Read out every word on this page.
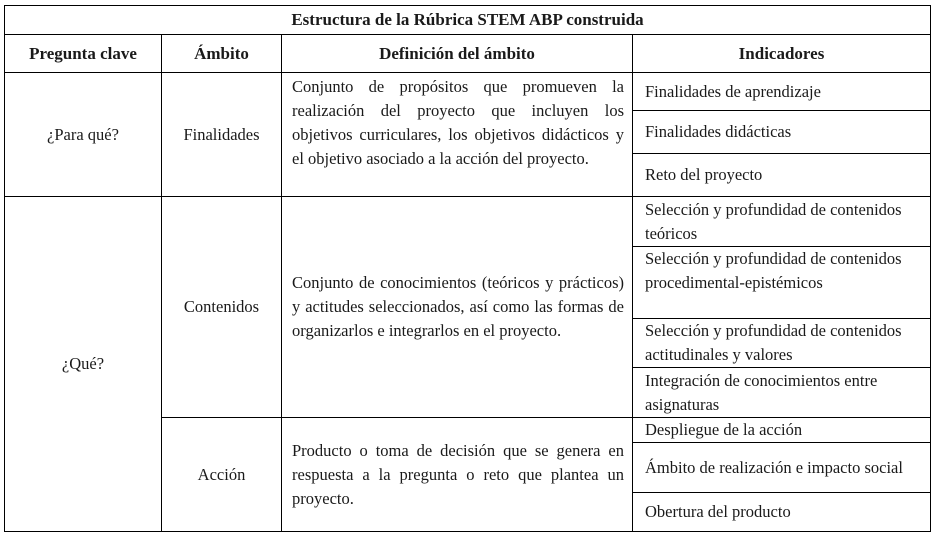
Estructura de la Rúbrica STEM ABP construida			
Pregunta clave	Ámbito	Definición del ámbito	Indicadores
¿Para qué?	Finalidades	Conjunto de propósitos que promueven la realización del proyecto que incluyen los objetivos curriculares, los objetivos didácticos y el objetivo asociado a la acción del proyecto.	Finalidades de aprendizaje
			Finalidades didácticas
			Reto del proyecto
¿Qué?	Contenidos	Conjunto de conocimientos (teóricos y prácticos) y actitudes seleccionados, así como las formas de organizarlos e integrarlos en el proyecto.	Selección y profundidad de contenidos teóricos
			Selección y profundidad de contenidos procedimental-epistémicos
			Selección y profundidad de contenidos actitudinales y valores
			Integración de conocimientos entre asignaturas
	Acción	Producto o toma de decisión que se genera en respuesta a la pregunta o reto que plantea un proyecto.	Despliegue de la acción
			Ámbito de realización e impacto social
			Obertura del producto
